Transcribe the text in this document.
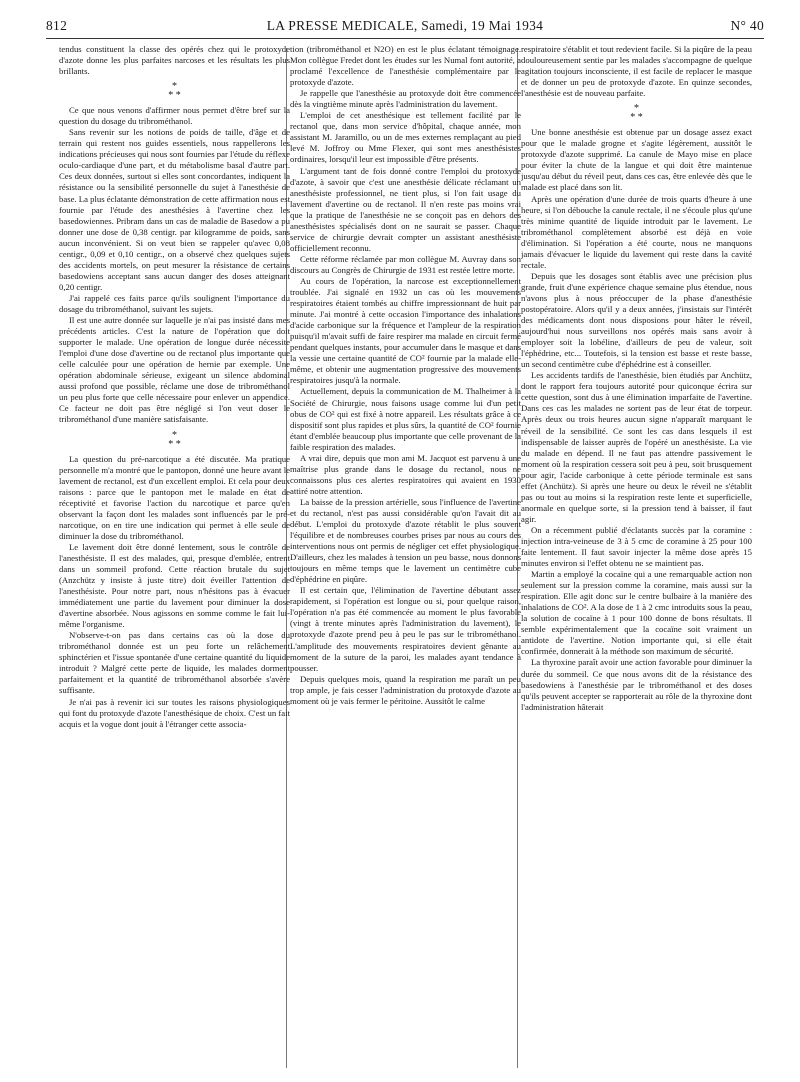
812	LA PRESSE MEDICALE, Samedi, 19 Mai 1934	N° 40

tendus constituent la classe des opérés chez qui le protoxyde d'azote donne les plus parfaites narcoses et les résultats les plus brillants.

*
* *

Ce que nous venons d'affirmer nous permet d'être bref sur la question du dosage du tribrométhanol.

Sans revenir sur les notions de poids de taille, d'âge et de terrain qui restent nos guides essentiels, nous rappellerons les indications précieuses qui nous sont fournies par l'étude du réflexe oculo-cardiaque d'une part, et du métabolisme basal d'autre part. Ces deux données, surtout si elles sont concordantes, indiquent la résistance ou la sensibilité personnelle du sujet à l'anesthésie de base. La plus éclatante démonstration de cette affirmation nous est fournie par l'étude des anesthésies à l'avertine chez les basedowiennes. Pribram dans un cas de maladie de Basedow a pu donner une dose de 0,38 centigr. par kilogramme de poids, sans aucun inconvénient. Si on veut bien se rappeler qu'avec 0,08 centigr., 0,09 et 0,10 centigr., on a observé chez quelques sujets des accidents mortels, on peut mesurer la résistance de certains basedowiens acceptant sans aucun danger des doses atteignant 0,20 centigr.

J'ai rappelé ces faits parce qu'ils soulignent l'importance du dosage du tribrométhanol, suivant les sujets.

Il est une autre donnée sur laquelle je n'ai pas insisté dans mes précédents articles. C'est la nature de l'opération que doit supporter le malade. Une opération de longue durée nécessite l'emploi d'une dose d'avertine ou de rectanol plus importante que celle calculée pour une opération de hernie par exemple. Une opération abdominale sérieuse, exigeant un silence abdominal aussi profond que possible, réclame une dose de tribrométhanol un peu plus forte que celle nécessaire pour enlever un appendice. Ce facteur ne doit pas être négligé si l'on veut doser le tribrométhanol d'une manière satisfaisante.

*
* *

La question du pré-narcotique a été discutée. Ma pratique personnelle m'a montré que le pantopon, donné une heure avant le lavement de rectanol, est d'un excellent emploi. Et cela pour deux raisons : parce que le pantopon met le malade en état de réceptivité et favorise l'action du narcotique et parce qu'en observant la façon dont les malades sont influencés par le pré-narcotique, on en tire une indication qui permet à elle seule de diminuer la dose du tribrométhanol.

Le lavement doit être donné lentement, sous le contrôle de l'anesthésiste. Il est des malades, qui, presque d'emblée, entrent dans un sommeil profond. Cette réaction brutale du sujet (Anzchütz y insiste à juste titre) doit éveiller l'attention de l'anesthésiste. Pour notre part, nous n'hésitons pas à évacuer immédiatement une partie du lavement pour diminuer la dose d'avertine absorbée. Nous agissons en somme comme le fait lui-même l'organisme.

N'observe-t-on pas dans certains cas où la dose du tribrométhanol donnée est un peu forte un relâchement sphinctérien et l'issue spontanée d'une certaine quantité du liquide introduit ? Malgré cette perte de liquide, les malades dorment parfaitement et la quantité de tribrométhanol absorbée s'avère suffisante.

Je n'ai pas à revenir ici sur toutes les raisons physiologiques qui font du protoxyde d'azote l'anesthésique de choix. C'est un fait acquis et la vogue dont jouit à l'étranger cette associa-

tion (tribrométhanol et N2O) en est le plus éclatant témoignage. Mon collègue Fredet dont les études sur les Numal font autorité, a proclamé l'excellence de l'anesthésie complémentaire par le protoxyde d'azote.

Je rappelle que l'anesthésie au protoxyde doit être commencée dès la vingtième minute après l'administration du lavement.

L'emploi de cet anesthésique est tellement facilité par le rectanol que, dans mon service d'hôpital, chaque année, mon assistant M. Jaramillo, ou un de mes externes remplaçant au pied levé M. Joffroy ou Mme Flexer, qui sont mes anesthésistes ordinaires, lorsqu'il leur est impossible d'être présents.

L'argument tant de fois donné contre l'emploi du protoxyde d'azote, à savoir que c'est une anesthésie délicate réclamant un anesthésiste professionnel, ne tient plus, si l'on fait usage du lavement d'avertine ou de rectanol. Il n'en reste pas moins vrai que la pratique de l'anesthésie ne se conçoit pas en dehors des anesthésistes spécialisés dont on ne saurait se passer. Chaque service de chirurgie devrait compter un assistant anesthésiste officiellement reconnu.

Cette réforme réclamée par mon collègue M. Auvray dans son discours au Congrès de Chirurgie de 1931 est restée lettre morte.

Au cours de l'opération, la narcose est exceptionnellement troublée. J'ai signalé en 1932 un cas où les mouvements respiratoires étaient tombés au chiffre impressionnant de huit par minute. J'ai montré à cette occasion l'importance des inhalations d'acide carbonique sur la fréquence et l'ampleur de la respiration puisqu'il m'avait suffi de faire respirer ma malade en circuit fermé pendant quelques instants, pour accumuler dans le masque et dans la vessie une certaine quantité de CO² fournie par la malade elle-même, et obtenir une augmentation progressive des mouvements respiratoires jusqu'à la normale.

Actuellement, depuis la communication de M. Thalheimer à la Société de Chirurgie, nous faisons usage comme lui d'un petit obus de CO² qui est fixé à notre appareil. Les résultats grâce à ce dispositif sont plus rapides et plus sûrs, la quantité de CO² fournie étant d'emblée beaucoup plus importante que celle provenant de la faible respiration des malades.

A vrai dire, depuis que mon ami M. Jacquot est parvenu à une maîtrise plus grande dans le dosage du rectanol, nous ne connaissons plus ces alertes respiratoires qui avaient en 1930 attiré notre attention.

La baisse de la pression artérielle, sous l'influence de l'avertine et du rectanol, n'est pas aussi considérable qu'on l'avait dit au début. L'emploi du protoxyde d'azote rétablit le plus souvent l'équilibre et de nombreuses courbes prises par nous au cours des interventions nous ont permis de négliger cet effet physiologique. D'ailleurs, chez les malades à tension un peu basse, nous donnons toujours en même temps que le lavement un centimètre cube d'éphédrine en piqûre.

Il est certain que, l'élimination de l'avertine débutant assez rapidement, si l'opération est longue ou si, pour quelque raison, l'opération n'a pas été commencée au moment le plus favorable (vingt à trente minutes après l'administration du lavement), le protoxyde d'azote prend peu à peu le pas sur le tribrométhanol. L'amplitude des mouvements respiratoires devient gênante au moment de la suture de la paroi, les malades ayant tendance à pousser.

Depuis quelques mois, quand la respiration me paraît un peu trop ample, je fais cesser l'administration du protoxyde d'azote au moment où je vais fermer le péritoine. Aussitôt le calme

respiratoire s'établit et tout redevient facile. Si la piqûre de la peau douloureusement sentie par les malades s'accompagne de quelque agitation toujours inconsciente, il est facile de replacer le masque et de donner un peu de protoxyde d'azote. En quinze secondes, l'anesthésie est de nouveau parfaite.

*
* *

Une bonne anesthésie est obtenue par un dosage assez exact pour que le malade grogne et s'agite légèrement, aussitôt le protoxyde d'azote supprimé. La canule de Mayo mise en place pour éviter la chute de la langue et qui doit être maintenue jusqu'au début du réveil peut, dans ces cas, être enlevée dès que le malade est placé dans son lit.

Après une opération d'une durée de trois quarts d'heure à une heure, si l'on débouche la canule rectale, il ne s'écoule plus qu'une très minime quantité de liquide introduit par le lavement. Le tribrométhanol complètement absorbé est déjà en voie d'élimination. Si l'opération a été courte, nous ne manquons jamais d'évacuer le liquide du lavement qui reste dans la cavité rectale.

Depuis que les dosages sont établis avec une précision plus grande, fruit d'une expérience chaque semaine plus étendue, nous n'avons plus à nous préoccuper de la phase d'anesthésie postopératoire. Alors qu'il y a deux années, j'insistais sur l'intérêt des médicaments dont nous disposions pour hâter le réveil, aujourd'hui nous surveillons nos opérés mais sans avoir à employer soit la lobéline, d'ailleurs de peu de valeur, soit l'éphédrine, etc... Toutefois, si la tension est basse et reste basse, un second centimètre cube d'éphédrine est à conseiller.

Les accidents tardifs de l'anesthésie, bien étudiés par Anchütz, dont le rapport fera toujours autorité pour quiconque écrira sur cette question, sont dus à une élimination imparfaite de l'avertine. Dans ces cas les malades ne sortent pas de leur état de torpeur. Après deux ou trois heures aucun signe n'apparaît marquant le réveil de la sensibilité. Ce sont les cas dans lesquels il est indispensable de laisser auprès de l'opéré un anesthésiste. La vie du malade en dépend. Il ne faut pas attendre passivement le moment où la respiration cessera soit peu à peu, soit brusquement pour agir, l'acide carbonique à cette période terminale est sans effet (Anchütz). Si après une heure ou deux le réveil ne s'établit pas ou tout au moins si la respiration reste lente et superficielle, anormale en quelque sorte, si la pression tend à baisser, il faut agir.

On a récemment publié d'éclatants succès par la coramine : injection intra-veineuse de 3 à 5 cmc de coramine à 25 pour 100 faite lentement. Il faut savoir injecter la même dose après 15 minutes environ si l'effet obtenu ne se maintient pas.

Martin a employé la cocaïne qui a une remarquable action non seulement sur la pression comme la coramine, mais aussi sur la respiration. Elle agit donc sur le centre bulbaire à la manière des inhalations de CO². A la dose de 1 à 2 cmc introduits sous la peau, la solution de cocaïne à 1 pour 100 donne de bons résultats. Il semble expérimentalement que la cocaïne soit vraiment un antidote de l'avertine. Notion importante qui, si elle était confirmée, donnerait à la méthode son maximum de sécurité.

La thyroxine paraît avoir une action favorable pour diminuer la durée du sommeil. Ce que nous avons dit de la résistance des basedowiens à l'anesthésie par le tribrométhanol et des doses qu'ils peuvent accepter se rapporterait au rôle de la thyroxine dont l'administration hâterait
